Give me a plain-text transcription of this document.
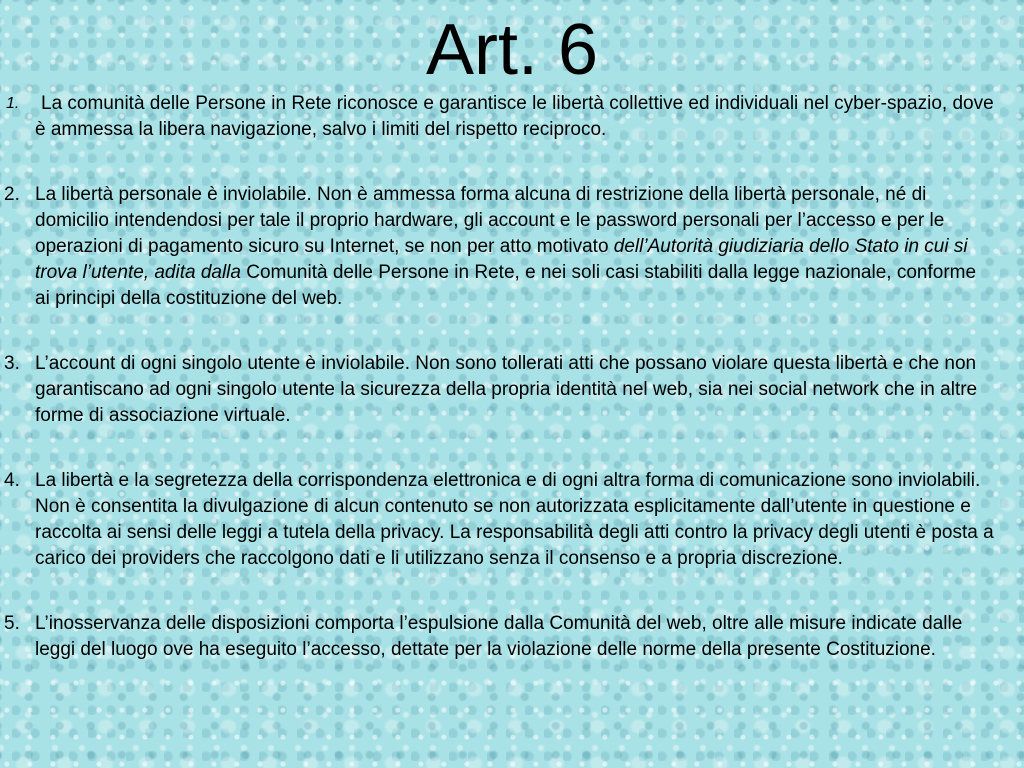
Art. 6
1. La comunità delle Persone in Rete riconosce e garantisce le libertà collettive ed individuali nel cyber-spazio, dove è ammessa la libera navigazione, salvo i limiti del rispetto reciproco.
2. La libertà personale è inviolabile. Non è ammessa forma alcuna di restrizione della libertà personale, né di domicilio intendendosi per tale il proprio hardware, gli account e le password personali per l’accesso e per le operazioni di pagamento sicuro su Internet, se non per atto motivato dell’Autorità giudiziaria dello Stato in cui si trova l’utente, adita dalla Comunità delle Persone in Rete, e nei soli casi stabiliti dalla legge nazionale, conforme ai principi della costituzione del web.
3. L’account di ogni singolo utente è inviolabile. Non sono tollerati atti che possano violare questa libertà e che non garantiscano ad ogni singolo utente la sicurezza della propria identità nel web, sia nei social network che in altre forme di associazione virtuale.
4. La libertà e la segretezza della corrispondenza elettronica e di ogni altra forma di comunicazione sono inviolabili. Non è consentita la divulgazione di alcun contenuto se non autorizzata esplicitamente dall’utente in questione e raccolta ai sensi delle leggi a tutela della privacy. La responsabilità degli atti contro la privacy degli utenti è posta a carico dei providers che raccolgono dati e li utilizzano senza il consenso e a propria discrezione.
5. L’inosservanza delle disposizioni comporta l’espulsione dalla Comunità del web, oltre alle misure indicate dalle leggi del luogo ove ha eseguito l’accesso, dettate per la violazione delle norme della presente Costituzione.
